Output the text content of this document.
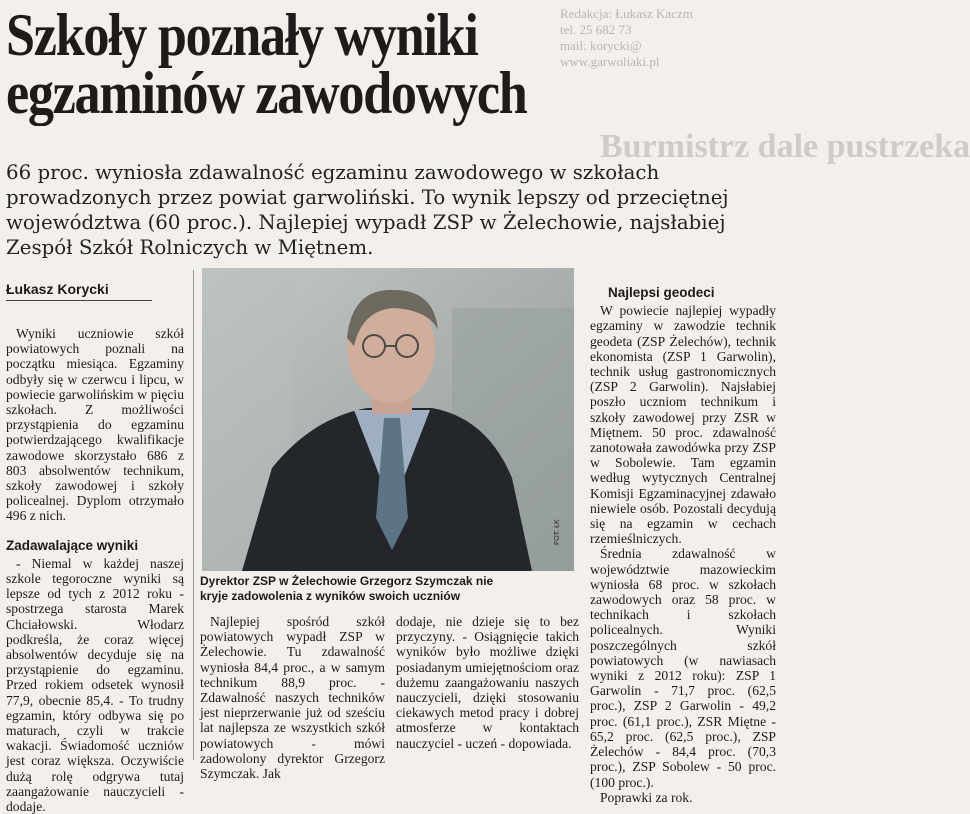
Redakcja: Łukasz Kaczm
tel. 25 682 73
mail: korycki@
www.garwoliaki.pl
Burmistrz dale pustrzeka
Szkoły poznały wyniki
egzaminów zawodowych
66 proc. wyniosła zdawalność egzaminu zawodowego w szkołach prowadzonych przez powiat garwoliński. To wynik lepszy od przeciętnej województwa (60 proc.). Najlepiej wypadł ZSP w Żelechowie, najsłabiej Zespół Szkół Rolniczych w Miętnem.
Łukasz Korycki

Wyniki uczniowie szkół powiatowych poznali na początku miesiąca. Egzaminy odbyły się w czerwcu i lipcu, w powiecie garwolińskim w pięciu szkołach. Z możliwości przystąpienia do egzaminu potwierdzającego kwalifikacje zawodowe skorzystało 686 z 803 absolwentów technikum, szkoły zawodowej i szkoły policealnej. Dyplom otrzymało 496 z nich.

Zadawalające wyniki

- Niemal w każdej naszej szkole tegoroczne wyniki są lepsze od tych z 2012 roku - spostrzega starosta Marek Chciałowski. Włodarz podkreśla, że coraz więcej absolwentów decyduje się na przystąpienie do egzaminu. Przed rokiem odsetek wynosił 77,9, obecnie 85,4. - To trudny egzamin, który odbywa się po maturach, czyli w trakcie wakacji. Świadomość uczniów jest coraz większa. Oczywiście dużą rolę odgrywa tutaj zaangażowanie nauczycieli - dodaje.

FOT. ŁK
Dyrektor ZSP w Żelechowie Grzegorz Szymczak nie kryje zadowolenia z wyników swoich uczniów

Najlepiej spośród szkół powiatowych wypadł ZSP w Żelechowie. Tu zdawalność wyniosła 84,4 proc., a w samym technikum 88,9 proc. - Zdawalność naszych techników jest nieprzerwanie już od sześciu lat najlepsza ze wszystkich szkół powiatowych - mówi zadowolony dyrektor Grzegorz Szymczak. Jak

dodaje, nie dzieje się to bez przyczyny. - Osiągnięcie takich wyników było możliwe dzięki posiadanym umiejętnościom oraz dużemu zaangażowaniu naszych nauczycieli, dzięki stosowaniu ciekawych metod pracy i dobrej atmosferze w kontaktach nauczyciel - uczeń - dopowiada.

Najlepsi geodeci

W powiecie najlepiej wypadły egzaminy w zawodzie technik geodeta (ZSP Żelechów), technik ekonomista (ZSP 1 Garwolin), technik usług gastronomicznych (ZSP 2 Garwolin). Najsłabiej poszło uczniom technikum i szkoły zawodowej przy ZSR w Miętnem. 50 proc. zdawalność zanotowała zawodówka przy ZSP w Sobolewie. Tam egzamin według wytycznych Centralnej Komisji Egzaminacyjnej zdawało niewiele osób. Pozostali decydują się na egzamin w cechach rzemieślniczych.

Średnia zdawalność w województwie mazowieckim wyniosła 68 proc. w szkołach zawodowych oraz 58 proc. w technikach i szkołach policealnych. Wyniki poszczególnych szkół powiatowych (w nawiasach wyniki z 2012 roku): ZSP 1 Garwolin - 71,7 proc. (62,5 proc.), ZSP 2 Garwolin - 49,2 proc. (61,1 proc.), ZSR Miętne - 65,2 proc. (62,5 proc.), ZSP Żelechów - 84,4 proc. (70,3 proc.), ZSP Sobolew - 50 proc. (100 proc.).

Poprawki za rok.
